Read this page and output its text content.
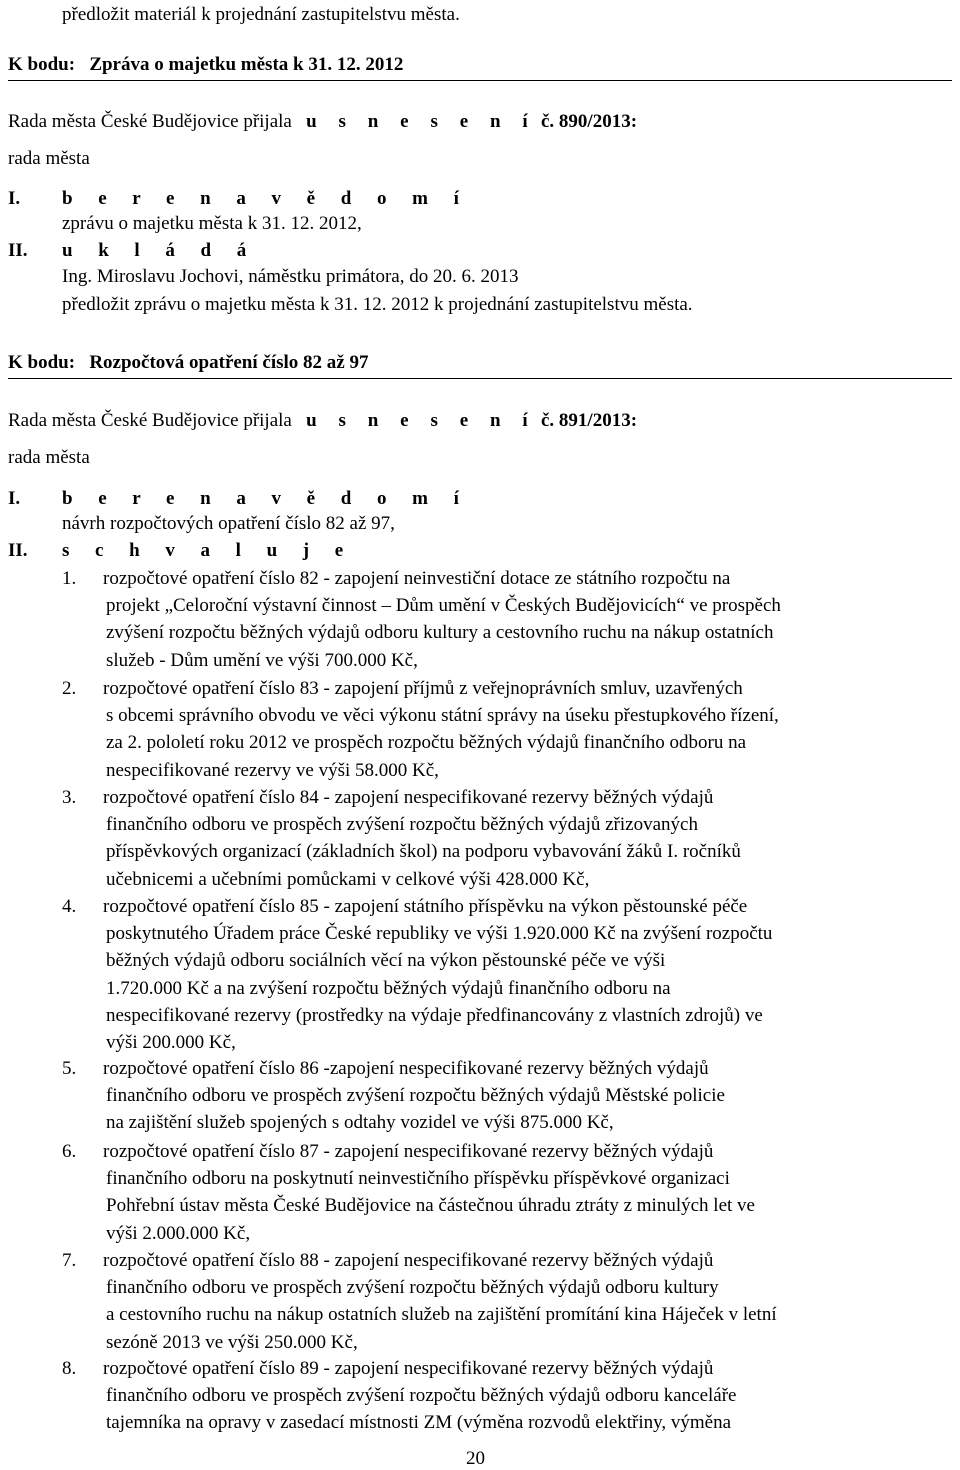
předložit materiál k projednání zastupitelstvu města.
K bodu: Zpráva o majetku města k 31. 12. 2012
Rada města České Budějovice přijala u s n e s e n í č. 890/2013:
rada města
I. b e r e n a v ě d o m í
zprávu o majetku města k 31. 12. 2012,
II. u k l á d á
Ing. Miroslavu Jochovi, náměstku primátora, do 20. 6. 2013
předložit zprávu o majetku města k 31. 12. 2012 k projednání zastupitelstvu města.
K bodu: Rozpočtová opatření číslo 82 až 97
Rada města České Budějovice přijala u s n e s e n í č. 891/2013:
rada města
I. b e r e n a v ě d o m í
návrh rozpočtových opatření číslo 82 až 97,
II. s c h v a l u j e
1. rozpočtové opatření číslo 82 - zapojení neinvestiční dotace ze státního rozpočtu na
projekt „Celoroční výstavní činnost – Dům umění v Českých Budějovicích“ ve prospěch
zvýšení rozpočtu běžných výdajů odboru kultury a cestovního ruchu na nákup ostatních
služeb - Dům umění ve výši 700.000 Kč,
2. rozpočtové opatření číslo 83 - zapojení příjmů z veřejnoprávních smluv, uzavřených
s obcemi správního obvodu ve věci výkonu státní správy na úseku přestupkového řízení,
za 2. pololetí roku 2012 ve prospěch rozpočtu běžných výdajů finančního odboru na
nespecifikované rezervy ve výši 58.000 Kč,
3. rozpočtové opatření číslo 84 - zapojení nespecifikované rezervy běžných výdajů
finančního odboru ve prospěch zvýšení rozpočtu běžných výdajů zřizovaných
příspěvkových organizací (základních škol) na podporu vybavování žáků I. ročníků
učebnicemi a učebními pomůckami v celkové výši 428.000 Kč,
4. rozpočtové opatření číslo 85 - zapojení státního příspěvku na výkon pěstounské péče
poskytnutého Úřadem práce České republiky ve výši 1.920.000 Kč na zvýšení rozpočtu
běžných výdajů odboru sociálních věcí na výkon pěstounské péče ve výši
1.720.000 Kč a na zvýšení rozpočtu běžných výdajů finančního odboru na
nespecifikované rezervy (prostředky na výdaje předfinancovány z vlastních zdrojů) ve
výši 200.000 Kč,
5. rozpočtové opatření číslo 86 -zapojení nespecifikované rezervy běžných výdajů
finančního odboru ve prospěch zvýšení rozpočtu běžných výdajů Městské policie
na zajištění služeb spojených s odtahy vozidel ve výši 875.000 Kč,
6. rozpočtové opatření číslo 87 - zapojení nespecifikované rezervy běžných výdajů
finančního odboru na poskytnutí neinvestičního příspěvku příspěvkové organizaci
Pohřební ústav města České Budějovice na částečnou úhradu ztráty z minulých let ve
výši 2.000.000 Kč,
7. rozpočtové opatření číslo 88 - zapojení nespecifikované rezervy běžných výdajů
finančního odboru ve prospěch zvýšení rozpočtu běžných výdajů odboru kultury
a cestovního ruchu na nákup ostatních služeb na zajištění promítání kina Háječek v letní
sezóně 2013 ve výši 250.000 Kč,
8. rozpočtové opatření číslo 89 - zapojení nespecifikované rezervy běžných výdajů
finančního odboru ve prospěch zvýšení rozpočtu běžných výdajů odboru kanceláře
tajemníka na opravy v zasedací místnosti ZM (výměna rozvodů elektřiny, výměna
20
